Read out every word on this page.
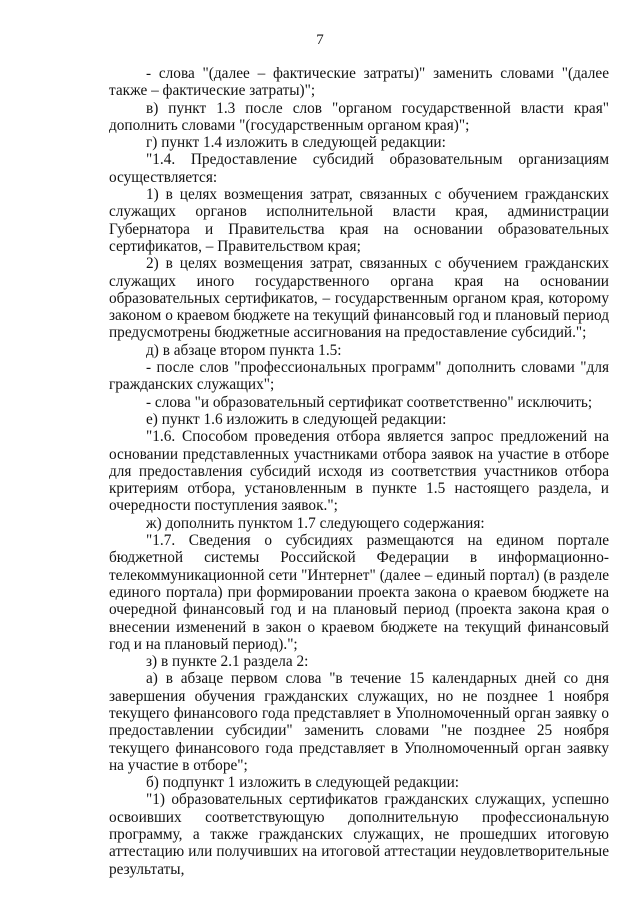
7

- слова "(далее – фактические затраты)" заменить словами "(далее также – фактические затраты)";

в) пункт 1.3 после слов "органом государственной власти края" дополнить словами "(государственным органом края)";

г) пункт 1.4 изложить в следующей редакции:

"1.4. Предоставление субсидий образовательным организациям осуществляется:

1) в целях возмещения затрат, связанных с обучением гражданских служащих органов исполнительной власти края, администрации Губернатора и Правительства края на основании образовательных сертификатов, – Правительством края;

2) в целях возмещения затрат, связанных с обучением гражданских служащих иного государственного органа края на основании образовательных сертификатов, – государственным органом края, которому законом о краевом бюджете на текущий финансовый год и плановый период предусмотрены бюджетные ассигнования на предоставление субсидий.";

д) в абзаце втором пункта 1.5:

- после слов "профессиональных программ" дополнить словами "для гражданских служащих";

- слова "и образовательный сертификат соответственно" исключить;

е) пункт 1.6 изложить в следующей редакции:

"1.6. Способом проведения отбора является запрос предложений на основании представленных участниками отбора заявок на участие в отборе для предоставления субсидий исходя из соответствия участников отбора критериям отбора, установленным в пункте 1.5 настоящего раздела, и очередности поступления заявок.";

ж) дополнить пунктом 1.7 следующего содержания:

"1.7. Сведения о субсидиях размещаются на едином портале бюджетной системы Российской Федерации в информационно-телекоммуникационной сети "Интернет" (далее – единый портал) (в разделе единого портала) при формировании проекта закона о краевом бюджете на очередной финансовый год и на плановый период (проекта закона края о внесении изменений в закон о краевом бюджете на текущий финансовый год и на плановый период).";

з) в пункте 2.1 раздела 2:

а) в абзаце первом слова "в течение 15 календарных дней со дня завершения обучения гражданских служащих, но не позднее 1 ноября текущего финансового года представляет в Уполномоченный орган заявку о предоставлении субсидии" заменить словами "не позднее 25 ноября текущего финансового года представляет в Уполномоченный орган заявку на участие в отборе";

б) подпункт 1 изложить в следующей редакции:

"1) образовательных сертификатов гражданских служащих, успешно освоивших соответствующую дополнительную профессиональную программу, а также гражданских служащих, не прошедших итоговую аттестацию или получивших на итоговой аттестации неудовлетворительные результаты,
